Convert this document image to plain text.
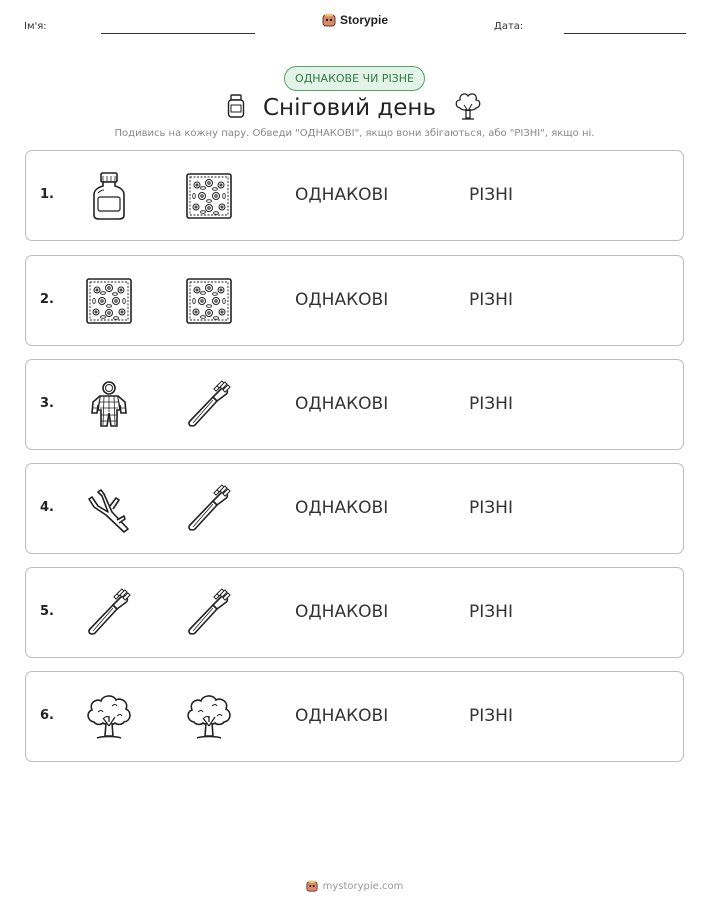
Ім'я:	Storypie	Дата:
ОДНАКОВЕ ЧИ РІЗНЕ
Сніговий день
Подивись на кожну пару. Обведи "ОДНАКОВІ", якщо вони збігаються, або "РІЗНІ", якщо ні.
1.	ОДНАКОВІ	РІЗНІ
2.	ОДНАКОВІ	РІЗНІ
3.	ОДНАКОВІ	РІЗНІ
4.	ОДНАКОВІ	РІЗНІ
5.	ОДНАКОВІ	РІЗНІ
6.	ОДНАКОВІ	РІЗНІ
mystorypie.com
